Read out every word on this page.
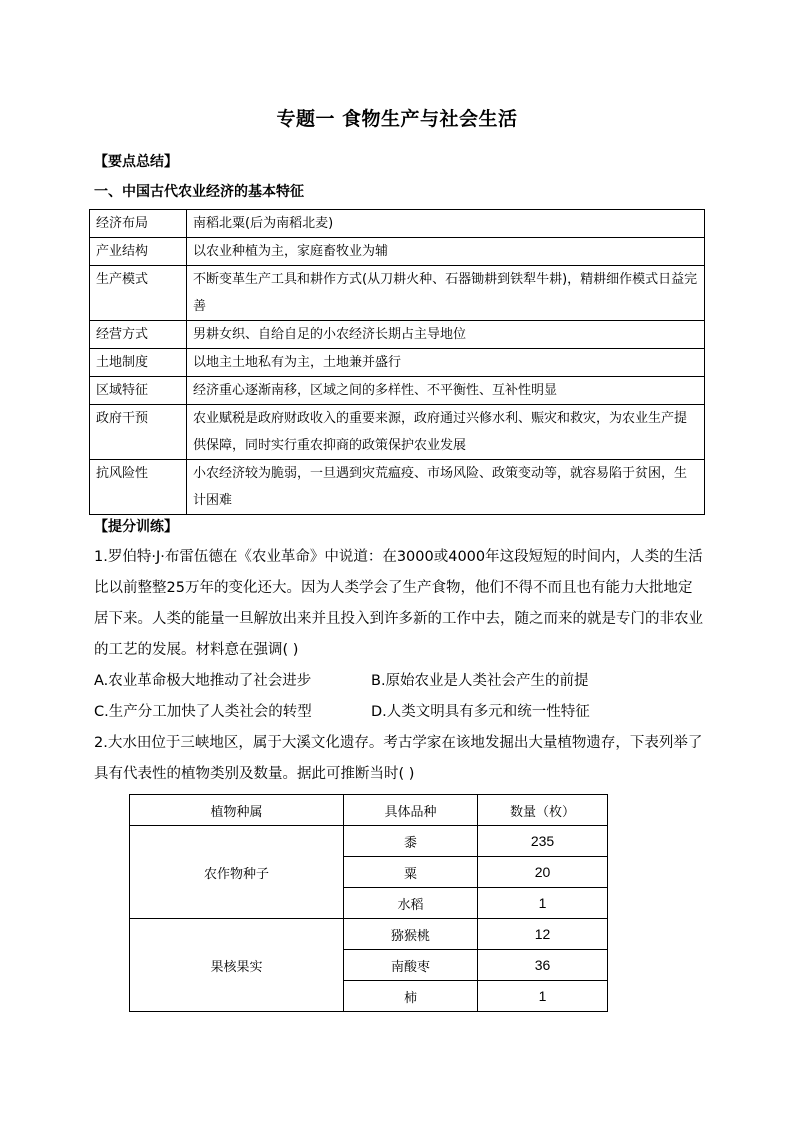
专题一 食物生产与社会生活
【要点总结】
一、中国古代农业经济的基本特征
经济布局	南稻北粟(后为南稻北麦)
产业结构	以农业种植为主，家庭畜牧业为辅
生产模式	不断变革生产工具和耕作方式(从刀耕火种、石器锄耕到铁犁牛耕)，精耕细作模式日益完善
经营方式	男耕女织、自给自足的小农经济长期占主导地位
土地制度	以地主土地私有为主，土地兼并盛行
区域特征	经济重心逐渐南移，区域之间的多样性、不平衡性、互补性明显
政府干预	农业赋税是政府财政收入的重要来源，政府通过兴修水利、赈灾和救灾，为农业生产提供保障，同时实行重农抑商的政策保护农业发展
抗风险性	小农经济较为脆弱，一旦遇到灾荒瘟疫、市场风险、政策变动等，就容易陷于贫困，生计困难
【提分训练】

1.罗伯特·J·布雷伍德在《农业革命》中说道：在3000或4000年这段短短的时间内，人类的生活比以前整整25万年的变化还大。因为人类学会了生产食物，他们不得不而且也有能力大批地定居下来。人类的能量一旦解放出来并且投入到许多新的工作中去，随之而来的就是专门的非农业的工艺的发展。材料意在强调( )

A.农业革命极大地推动了社会进步	B.原始农业是人类社会产生的前提
C.生产分工加快了人类社会的转型	D.人类文明具有多元和统一性特征

2.大水田位于三峡地区，属于大溪文化遗存。考古学家在该地发掘出大量植物遗存，下表列举了具有代表性的植物类别及数量。据此可推断当时( )

植物种属	具体品种	数量（枚）
农作物种子	黍	235
	粟	20
	水稻	1
果核果实	猕猴桃	12
	南酸枣	36
	柿	1
